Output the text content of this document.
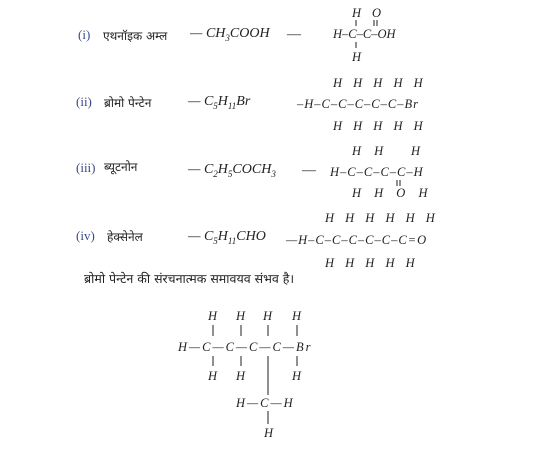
(i)
(ii)
(iii)
(iv)
एथनॉइक अम्ल
ब्रोमो पेन्टेन
ब्यूटनोन
हेक्सेनेल
— $CH_3COOH$ —
— $C_5H_{11}Br$
— $C_2H_5COCH_3$ —
— $C_5H_{11}CHO$
H O
H–C–C–OH
H
H H H H H
–H–C–C–C–C–C–Br
H H H H H
H H H
H–C–C–C–C–H
H H O H
H H H H H H
—H–C–C–C–C–C–C=O
H H H H H
H H H H
H—C—C—C—C—Br
H H	H
H—C—H
H
ब्रोमो पेन्टेन की संरचनात्मक समावयव संभव है।
